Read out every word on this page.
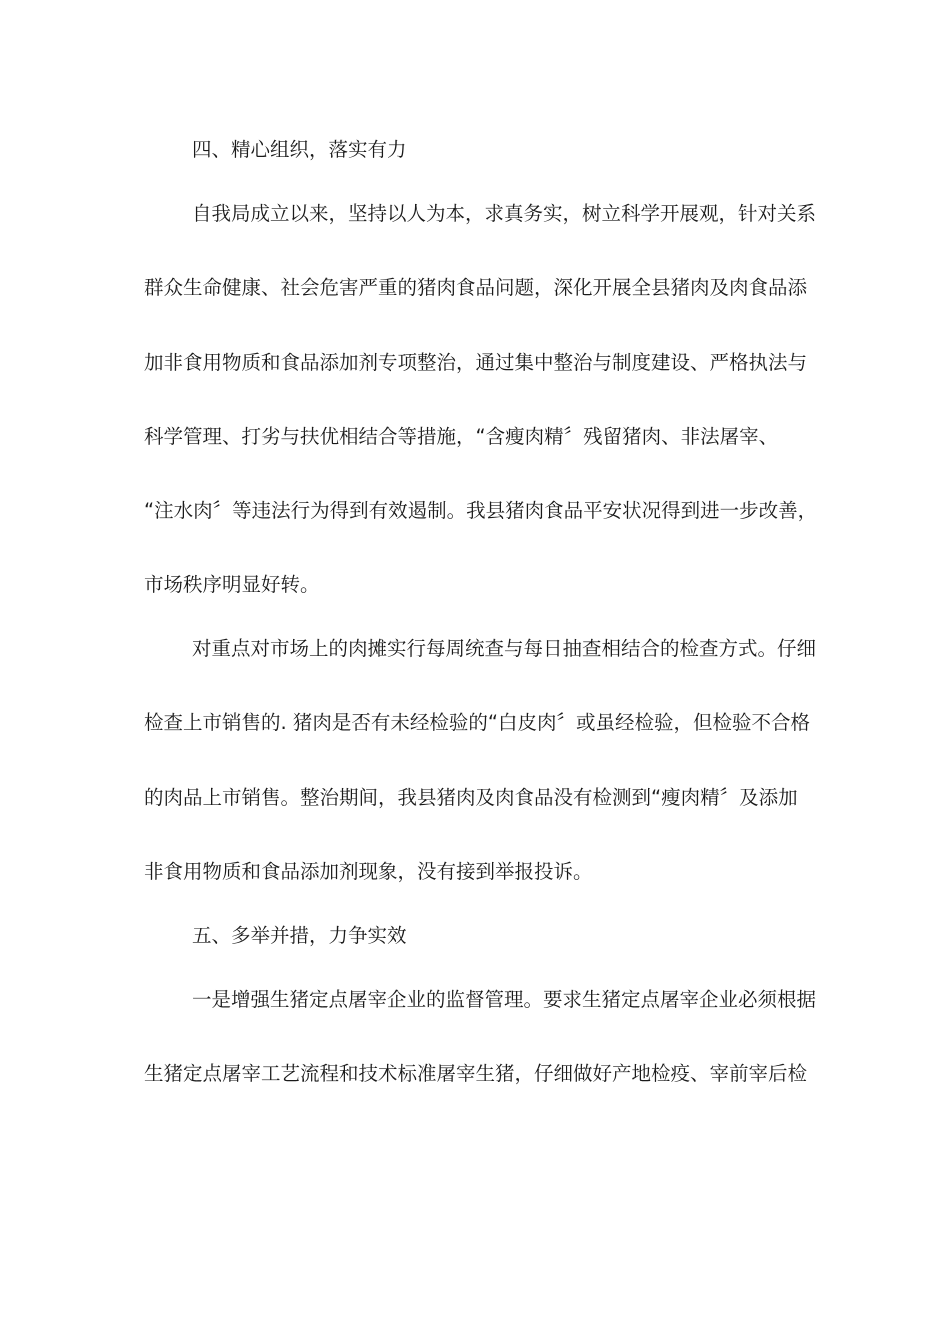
四、精心组织，落实有力
自我局成立以来，坚持以人为本，求真务实，树立科学开展观，针对关系
群众生命健康、社会危害严重的猪肉食品问题，深化开展全县猪肉及肉食品添
加非食用物质和食品添加剂专项整治，通过集中整治与制度建设、严格执法与
科学管理、打劣与扶优相结合等措施，“含瘦肉精〞残留猪肉、非法屠宰、
“注水肉〞等违法行为得到有效遏制。我县猪肉食品平安状况得到进一步改善，
市场秩序明显好转。
对重点对市场上的肉摊实行每周统查与每日抽查相结合的检查方式。仔细
检查上市销售的. 猪肉是否有未经检验的“白皮肉〞或虽经检验，但检验不合格
的肉品上市销售。整治期间，我县猪肉及肉食品没有检测到“瘦肉精〞及添加
非食用物质和食品添加剂现象，没有接到举报投诉。
五、多举并措，力争实效
一是增强生猪定点屠宰企业的监督管理。要求生猪定点屠宰企业必须根据
生猪定点屠宰工艺流程和技术标准屠宰生猪，仔细做好产地检疫、宰前宰后检
